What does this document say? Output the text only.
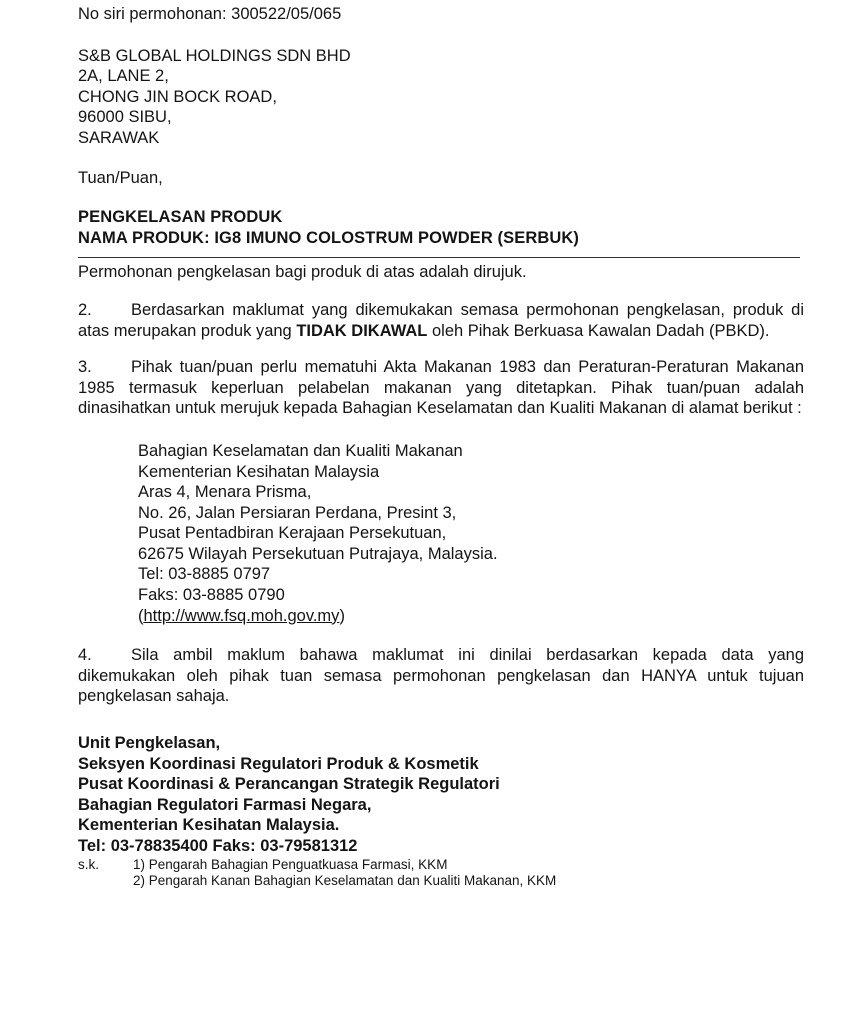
No siri permohonan: 300522/05/065
S&B GLOBAL HOLDINGS SDN BHD
2A, LANE 2,
CHONG JIN BOCK ROAD,
96000 SIBU,
SARAWAK
Tuan/Puan,
PENGKELASAN PRODUK
NAMA PRODUK: IG8 IMUNO COLOSTRUM POWDER (SERBUK)
Permohonan pengkelasan bagi produk di atas adalah dirujuk.
2. Berdasarkan maklumat yang dikemukakan semasa permohonan pengkelasan, produk di atas merupakan produk yang TIDAK DIKAWAL oleh Pihak Berkuasa Kawalan Dadah (PBKD).
3. Pihak tuan/puan perlu mematuhi Akta Makanan 1983 dan Peraturan-Peraturan Makanan 1985 termasuk keperluan pelabelan makanan yang ditetapkan. Pihak tuan/puan adalah dinasihatkan untuk merujuk kepada Bahagian Keselamatan dan Kualiti Makanan di alamat berikut :
Bahagian Keselamatan dan Kualiti Makanan
Kementerian Kesihatan Malaysia
Aras 4, Menara Prisma,
No. 26, Jalan Persiaran Perdana, Presint 3,
Pusat Pentadbiran Kerajaan Persekutuan,
62675 Wilayah Persekutuan Putrajaya, Malaysia.
Tel: 03-8885 0797
Faks: 03-8885 0790
(http://www.fsq.moh.gov.my)
4. Sila ambil maklum bahawa maklumat ini dinilai berdasarkan kepada data yang dikemukakan oleh pihak tuan semasa permohonan pengkelasan dan HANYA untuk tujuan pengkelasan sahaja.
Unit Pengkelasan,
Seksyen Koordinasi Regulatori Produk & Kosmetik
Pusat Koordinasi & Perancangan Strategik Regulatori
Bahagian Regulatori Farmasi Negara,
Kementerian Kesihatan Malaysia.
Tel: 03-78835400 Faks: 03-79581312
s.k.	1) Pengarah Bahagian Penguatkuasa Farmasi, KKM
2) Pengarah Kanan Bahagian Keselamatan dan Kualiti Makanan, KKM
